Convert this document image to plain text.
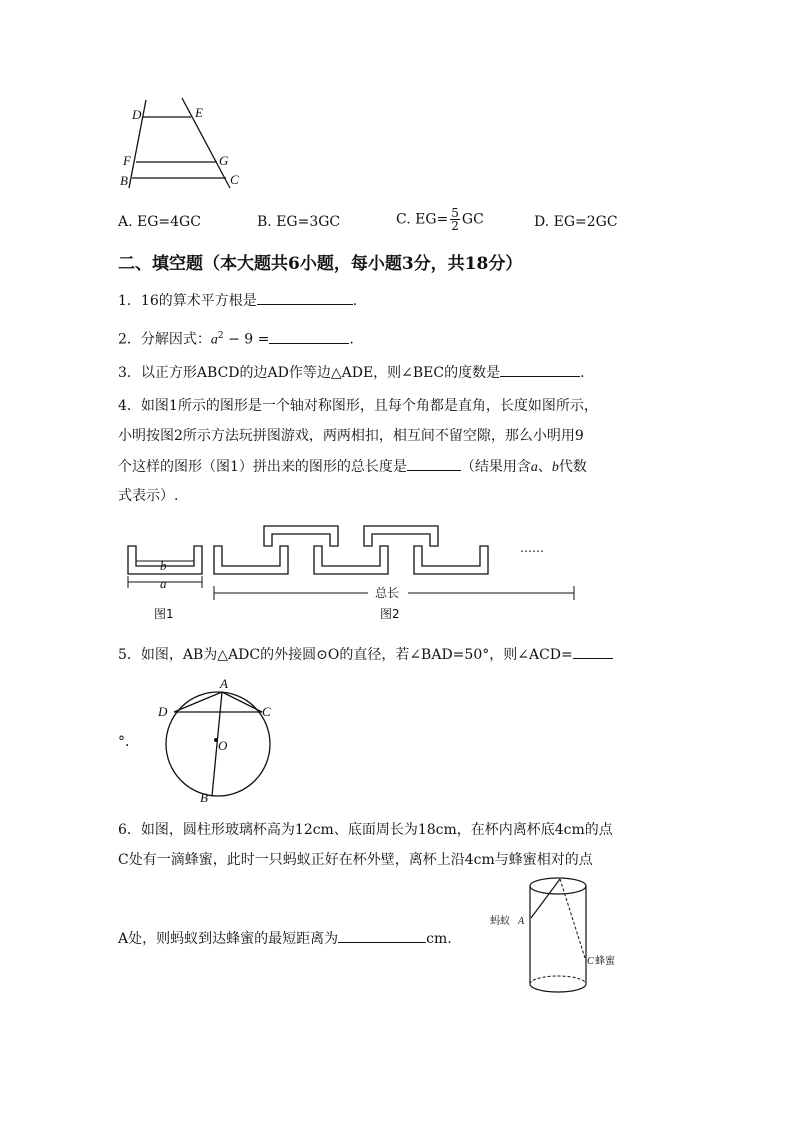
D	E
F	G
B	C
A. EG=4GC	B. EG=3GC	C. $EG= \frac{5}{2}$ GC	D. EG=2GC
二、填空题（本大题共6小题，每小题3分，共18分）
1．16的算术平方根是	.
2．分解因式：$a^2 - 9$ =	.
3．以正方形ABCD的边AD作等边△ADE，则∠BEC的度数是	.
4．如图1所示的图形是一个轴对称图形，且每个角都是直角，长度如图所示，
小明按图2所示方法玩拼图游戏，两两相扣，相互间不留空隙，那么小明用9
个这样的图形（图1）拼出来的图形的总长度是	（结果用含a、b代数
式表示）.
b
a
图1
……
总长
图2
5．如图，AB为△ADC的外接圆⊙O的直径，若∠BAD=50°，则∠ACD=
°．
A
D	C
O
B
6．如图，圆柱形玻璃杯高为12cm、底面周长为18cm，在杯内离杯底4cm的点
C处有一滴蜂蜜，此时一只蚂蚁正好在杯外壁，离杯上沿4cm与蜂蜜相对的点
A处，则蚂蚁到达蜂蜜的最短距离为	cm.
蚂蚁 A
C 蜂蜜
